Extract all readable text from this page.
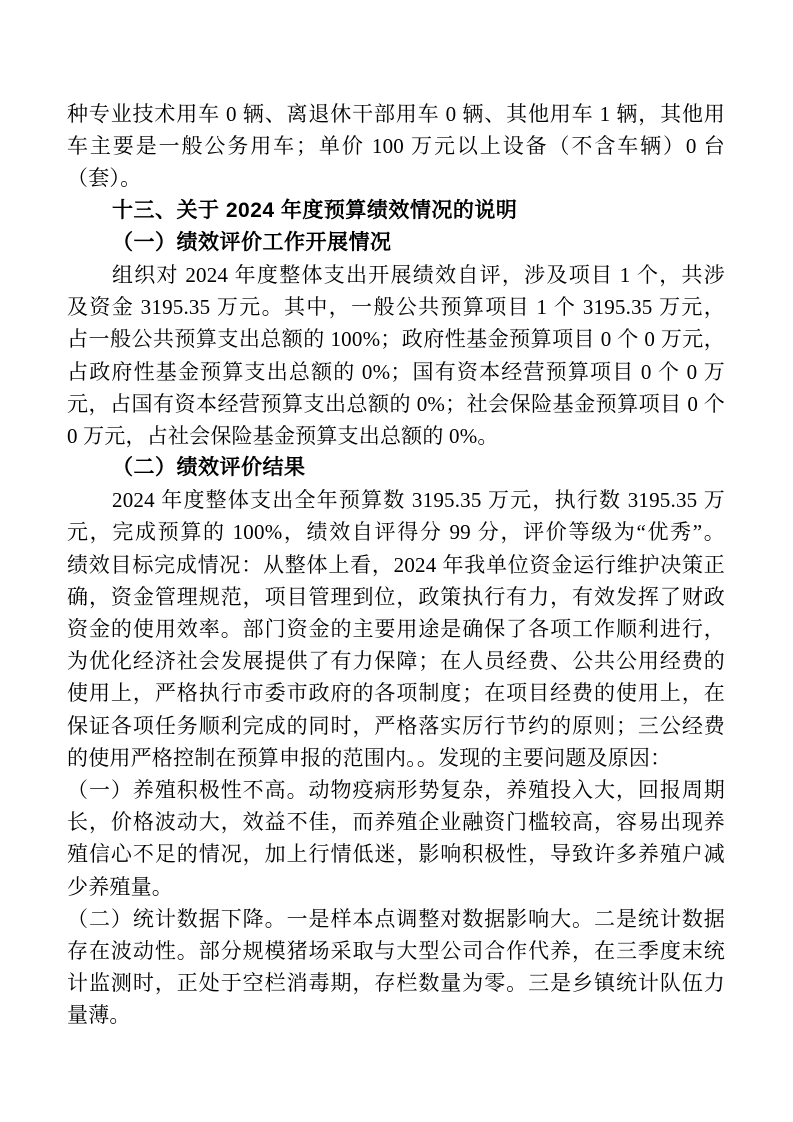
种专业技术用车 0 辆、离退休干部用车 0 辆、其他用车 1 辆，其他用
车主要是一般公务用车；单价 100 万元以上设备（不含车辆）0 台
（套）。
十三、关于 2024 年度预算绩效情况的说明
（一）绩效评价工作开展情况
组织对 2024 年度整体支出开展绩效自评，涉及项目 1 个，共涉
及资金 3195.35 万元。其中，一般公共预算项目 1 个 3195.35 万元，
占一般公共预算支出总额的 100%；政府性基金预算项目 0 个 0 万元，
占政府性基金预算支出总额的 0%；国有资本经营预算项目 0 个 0 万
元，占国有资本经营预算支出总额的 0%；社会保险基金预算项目 0 个
0 万元，占社会保险基金预算支出总额的 0%。
（二）绩效评价结果
2024 年度整体支出全年预算数 3195.35 万元，执行数 3195.35 万
元，完成预算的 100%，绩效自评得分 99 分，评价等级为“优秀”。
绩效目标完成情况：从整体上看，2024 年我单位资金运行维护决策正
确，资金管理规范，项目管理到位，政策执行有力，有效发挥了财政
资金的使用效率。部门资金的主要用途是确保了各项工作顺利进行，
为优化经济社会发展提供了有力保障；在人员经费、公共公用经费的
使用上，严格执行市委市政府的各项制度；在项目经费的使用上，在
保证各项任务顺利完成的同时，严格落实厉行节约的原则；三公经费
的使用严格控制在预算申报的范围内。。发现的主要问题及原因：
（一）养殖积极性不高。动物疫病形势复杂，养殖投入大，回报周期
长，价格波动大，效益不佳，而养殖企业融资门槛较高，容易出现养
殖信心不足的情况，加上行情低迷，影响积极性，导致许多养殖户减
少养殖量。
（二）统计数据下降。一是样本点调整对数据影响大。二是统计数据
存在波动性。部分规模猪场采取与大型公司合作代养，在三季度末统
计监测时，正处于空栏消毒期，存栏数量为零。三是乡镇统计队伍力
量薄。
